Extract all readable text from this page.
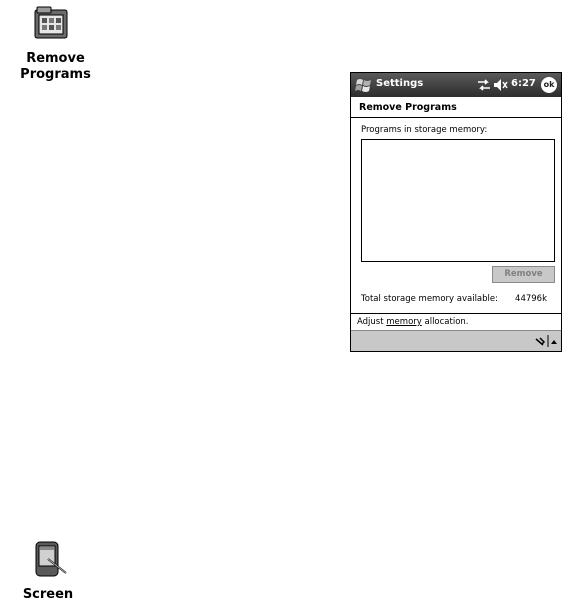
Remove
Programs
Settings	6:27 ok
Remove Programs
Programs in storage memory:
Remove
Total storage memory available: 44796k
Adjust memory allocation.
Screen
